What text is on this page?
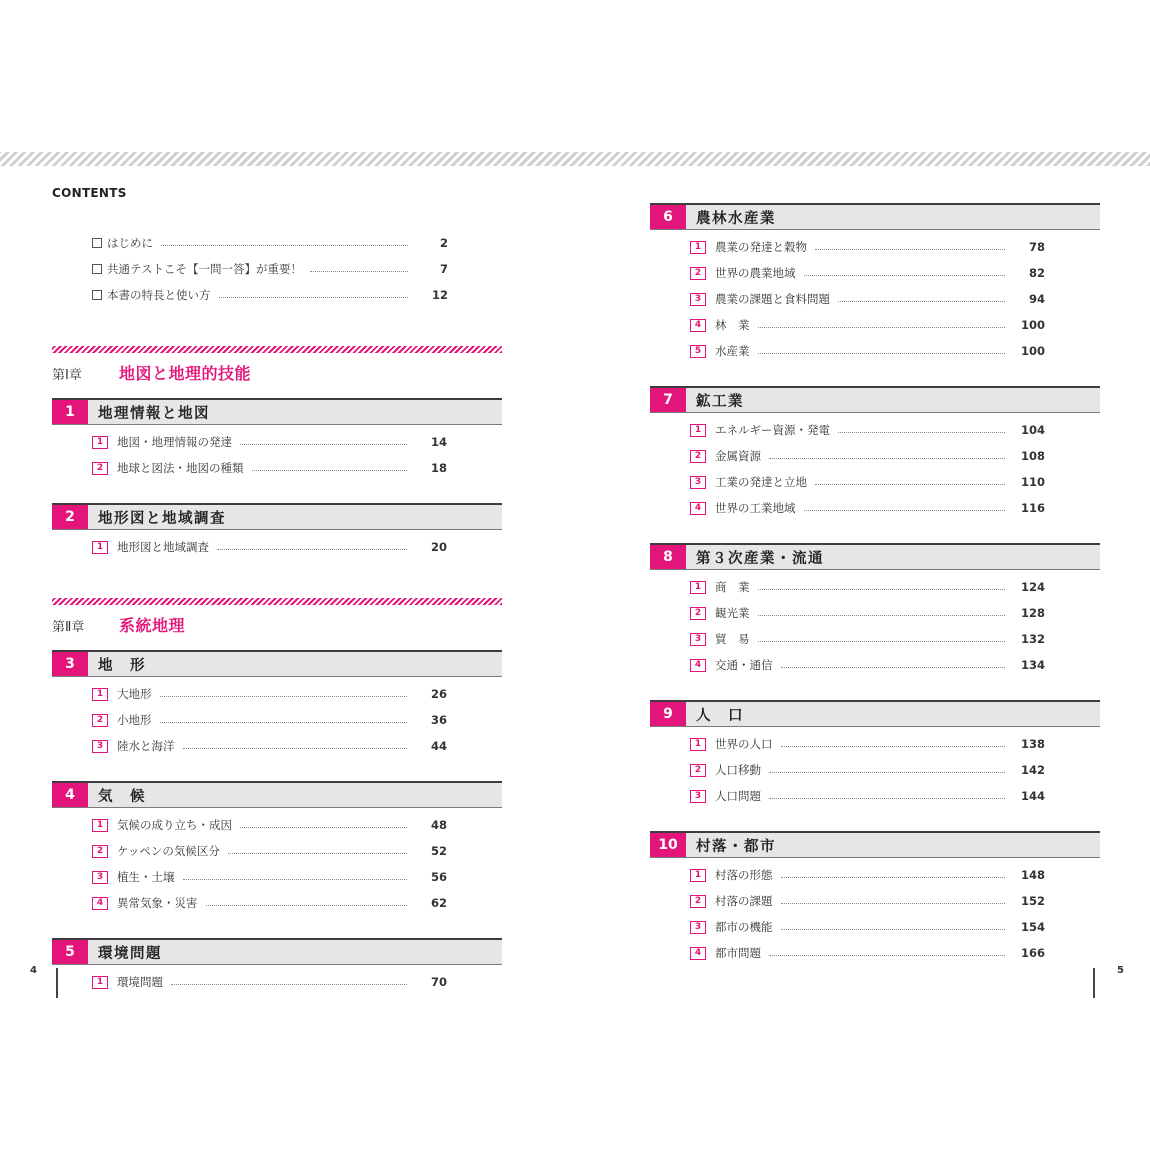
CONTENTS
はじめに	2
共通テストこそ【一問一答】が重要！	7
本書の特長と使い方	12
第Ⅰ章	地図と地理的技能
1	地理情報と地図
1	地図・地理情報の発達	14
2	地球と図法・地図の種類	18
2	地形図と地域調査
1	地形図と地域調査	20
第Ⅱ章	系統地理
3	地　形
1	大地形	26
2	小地形	36
3	陸水と海洋	44
4	気　候
1	気候の成り立ち・成因	48
2	ケッペンの気候区分	52
3	植生・土壌	56
4	異常気象・災害	62
5	環境問題
1	環境問題	70
6	農林水産業
1	農業の発達と穀物	78
2	世界の農業地域	82
3	農業の課題と食料問題	94
4	林　業	100
5	水産業	100
7	鉱工業
1	エネルギー資源・発電	104
2	金属資源	108
3	工業の発達と立地	110
4	世界の工業地域	116
8	第３次産業・流通
1	商　業	124
2	観光業	128
3	貿　易	132
4	交通・通信	134
9	人　口
1	世界の人口	138
2	人口移動	142
3	人口問題	144
10	村落・都市
1	村落の形態	148
2	村落の課題	152
3	都市の機能	154
4	都市問題	166
4	5
